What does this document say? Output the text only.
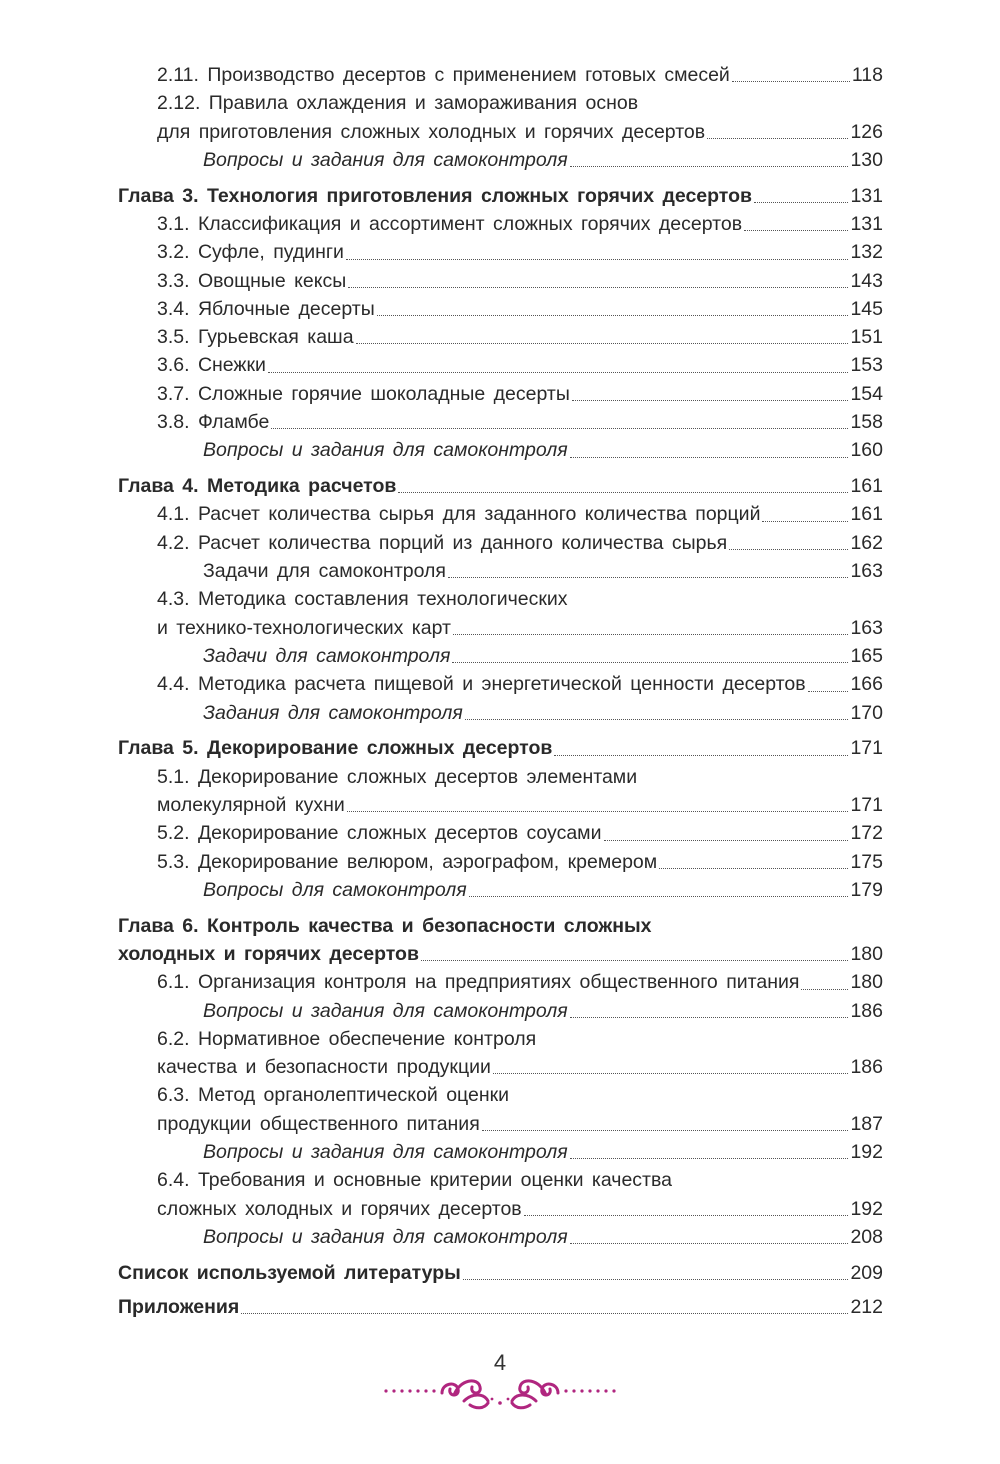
2.11. Производство десертов с применением готовых смесей	118
2.12. Правила охлаждения и замораживания основ
для приготовления сложных холодных и горячих десертов	126
Вопросы и задания для самоконтроля	130
Глава 3. Технология приготовления сложных горячих десертов	131
3.1. Классификация и ассортимент сложных горячих десертов	131
3.2. Суфле, пудинги	132
3.3. Овощные кексы	143
3.4. Яблочные десерты	145
3.5. Гурьевская каша	151
3.6. Снежки	153
3.7. Сложные горячие шоколадные десерты	154
3.8. Фламбе	158
Вопросы и задания для самоконтроля	160
Глава 4. Методика расчетов	161
4.1. Расчет количества сырья для заданного количества порций	161
4.2. Расчет количества порций из данного количества сырья	162
Задачи для самоконтроля	163
4.3. Методика составления технологических
и технико-технологических карт	163
Задачи для самоконтроля	165
4.4. Методика расчета пищевой и энергетической ценности десертов 166
Задания для самоконтроля	170
Глава 5. Декорирование сложных десертов	171
5.1. Декорирование сложных десертов элементами
молекулярной кухни	171
5.2. Декорирование сложных десертов соусами	172
5.3. Декорирование велюром, аэрографом, кремером	175
Вопросы для самоконтроля	179
Глава 6. Контроль качества и безопасности сложных
холодных и горячих десертов	180
6.1. Организация контроля на предприятиях общественного питания	180
Вопросы и задания для самоконтроля	186
6.2. Нормативное обеспечение контроля
качества и безопасности продукции	186
6.3. Метод органолептической оценки
продукции общественного питания	187
Вопросы и задания для самоконтроля	192
6.4. Требования и основные критерии оценки качества
сложных холодных и горячих десертов	192
Вопросы и задания для самоконтроля	208
Список используемой литературы	209
Приложения	212
4
